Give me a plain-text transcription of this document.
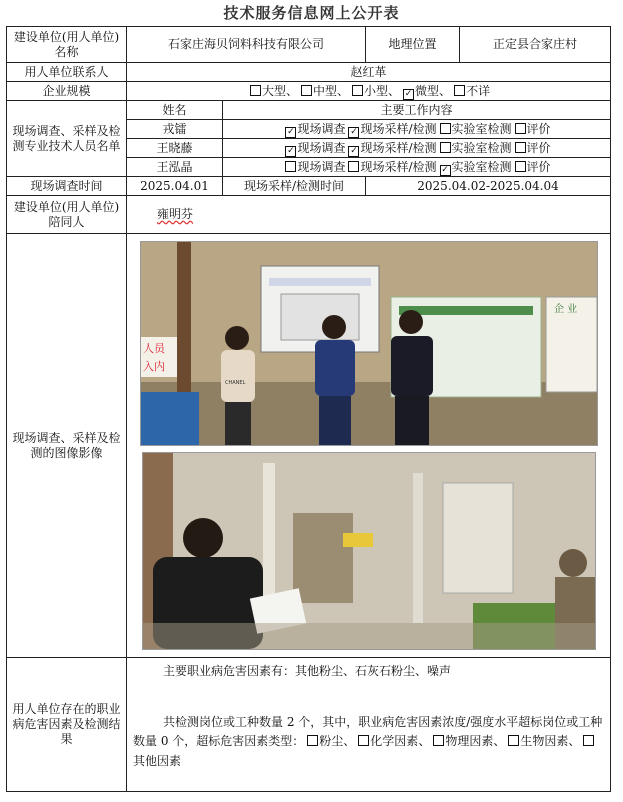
技术服务信息网上公开表
建设单位(用人单位)名称	石家庄海贝饲料科技有限公司		地理位置	正定县合家庄村
用人单位联系人	赵红革			
企业规模	大型、 中型、 小型、 ✓ 微型、 不详			
现场调查、采样及检测专业技术人员名单	姓名	主要工作内容		
	戎镭	✓ 现场调查 ✓ 现场采样/检测 实验室检测 评价		
	王晓藤	✓ 现场调查 ✓ 现场采样/检测 实验室检测 评价		
	王泓晶	现场调查 现场采样/检测 ✓ 实验室检测 评价		
现场调查时间	2025.04.01	现场采样/检测时间	2025.04.02-2025.04.04	
建设单位(用人单位)陪同人	雍明芬			
现场调查、采样及检测的图像影像	企 业
人员
入内
CHANEL			

用人单位存在的职业病危害因素及检测结果	主要职业病危害因素有：其他粉尘、石灰石粉尘、噪声
共检测岗位或工种数量 2 个，其中，职业病危害因素浓度/强度水平超标岗位或工种数量 0 个，超标危害因素类型： 粉尘、 化学因素、 物理因素、 生物因素、其他因素			
